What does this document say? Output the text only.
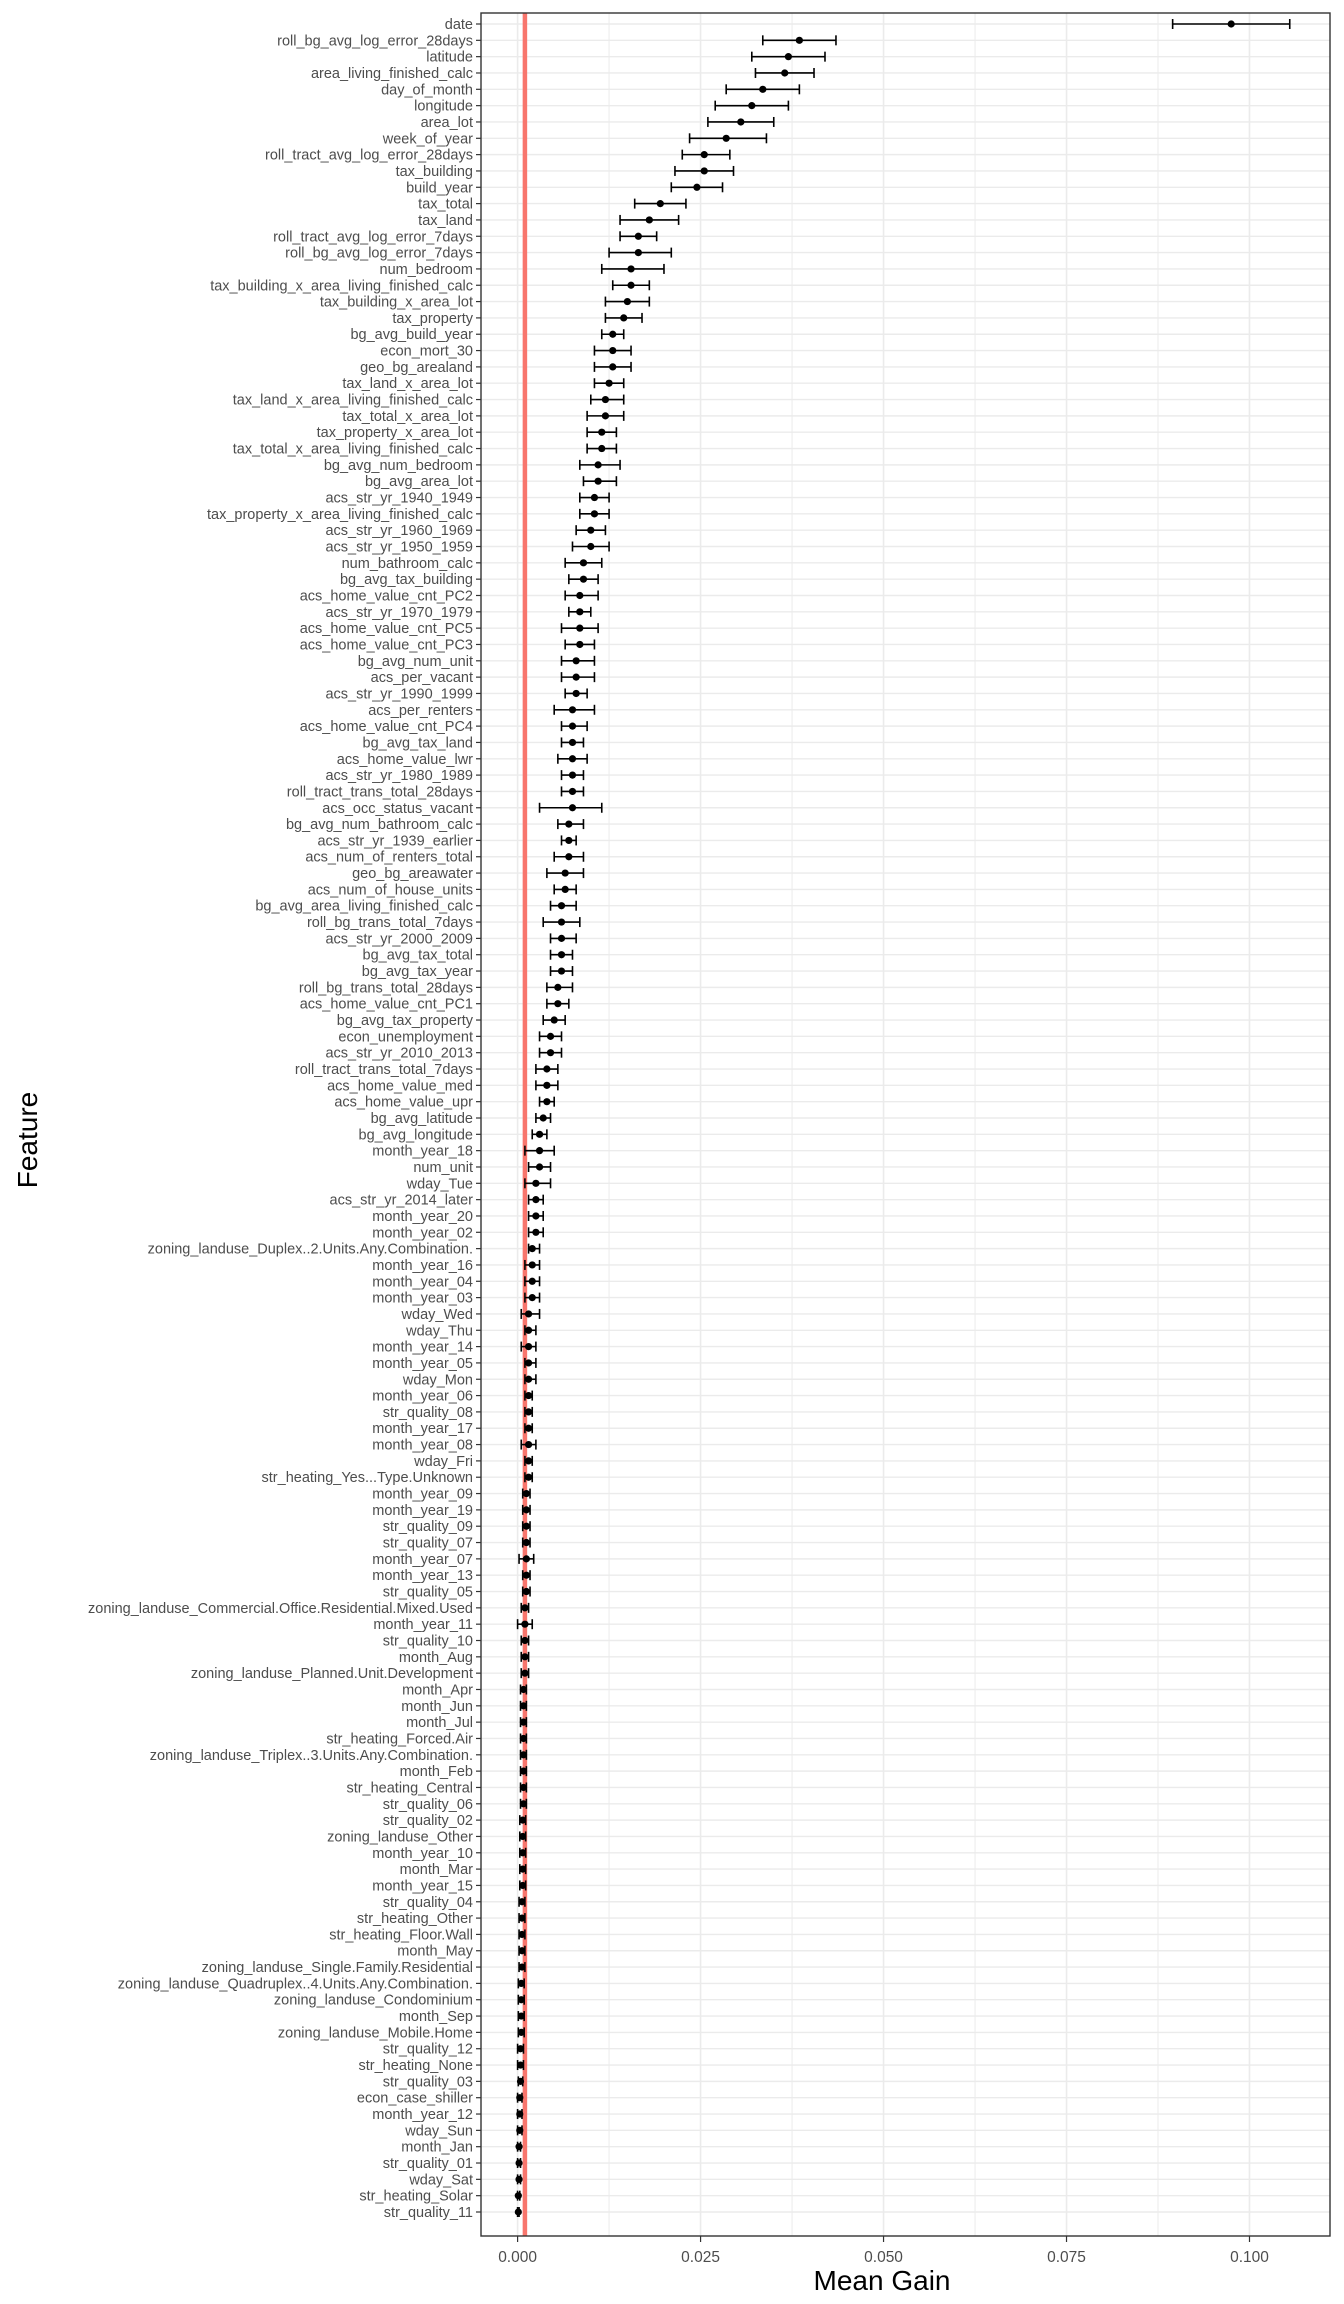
date
roll_bg_avg_log_error_28days
latitude
area_living_finished_calc
day_of_month
longitude
area_lot
week_of_year
roll_tract_avg_log_error_28days
tax_building
build_year
tax_total
tax_land
roll_tract_avg_log_error_7days
roll_bg_avg_log_error_7days
num_bedroom
tax_building_x_area_living_finished_calc
tax_building_x_area_lot
tax_property
bg_avg_build_year
econ_mort_30
geo_bg_arealand
tax_land_x_area_lot
tax_land_x_area_living_finished_calc
tax_total_x_area_lot
tax_property_x_area_lot
tax_total_x_area_living_finished_calc
bg_avg_num_bedroom
bg_avg_area_lot
acs_str_yr_1940_1949
tax_property_x_area_living_finished_calc
acs_str_yr_1960_1969
acs_str_yr_1950_1959
num_bathroom_calc
bg_avg_tax_building
acs_home_value_cnt_PC2
acs_str_yr_1970_1979
acs_home_value_cnt_PC5
acs_home_value_cnt_PC3
bg_avg_num_unit
acs_per_vacant
acs_str_yr_1990_1999
acs_per_renters
acs_home_value_cnt_PC4
bg_avg_tax_land
acs_home_value_lwr
acs_str_yr_1980_1989
roll_tract_trans_total_28days
acs_occ_status_vacant
bg_avg_num_bathroom_calc
acs_str_yr_1939_earlier
acs_num_of_renters_total
geo_bg_areawater
acs_num_of_house_units
bg_avg_area_living_finished_calc
roll_bg_trans_total_7days
acs_str_yr_2000_2009
bg_avg_tax_total
bg_avg_tax_year
roll_bg_trans_total_28days
acs_home_value_cnt_PC1
bg_avg_tax_property
econ_unemployment
acs_str_yr_2010_2013
roll_tract_trans_total_7days
acs_home_value_med
acs_home_value_upr
bg_avg_latitude
bg_avg_longitude
month_year_18
num_unit
wday_Tue
acs_str_yr_2014_later
month_year_20
month_year_02
zoning_landuse_Duplex..2.Units.Any.Combination.
month_year_16
month_year_04
month_year_03
wday_Wed
wday_Thu
month_year_14
month_year_05
wday_Mon
month_year_06
str_quality_08
month_year_17
month_year_08
wday_Fri
str_heating_Yes...Type.Unknown
month_year_09
month_year_19
str_quality_09
str_quality_07
month_year_07
month_year_13
str_quality_05
zoning_landuse_Commercial.Office.Residential.Mixed.Used
month_year_11
str_quality_10
month_Aug
zoning_landuse_Planned.Unit.Development
month_Apr
month_Jun
month_Jul
str_heating_Forced.Air
zoning_landuse_Triplex..3.Units.Any.Combination.
month_Feb
str_heating_Central
str_quality_06
str_quality_02
zoning_landuse_Other
month_year_10
month_Mar
month_year_15
str_quality_04
str_heating_Other
str_heating_Floor.Wall
month_May
zoning_landuse_Single.Family.Residential
zoning_landuse_Quadruplex..4.Units.Any.Combination.
zoning_landuse_Condominium
month_Sep
zoning_landuse_Mobile.Home
str_quality_12
str_heating_None
str_quality_03
econ_case_shiller
month_year_12
wday_Sun
month_Jan
str_quality_01
wday_Sat
str_heating_Solar
str_quality_11
0.000	0.025	0.050	0.075	0.100
Mean Gain
Feature
